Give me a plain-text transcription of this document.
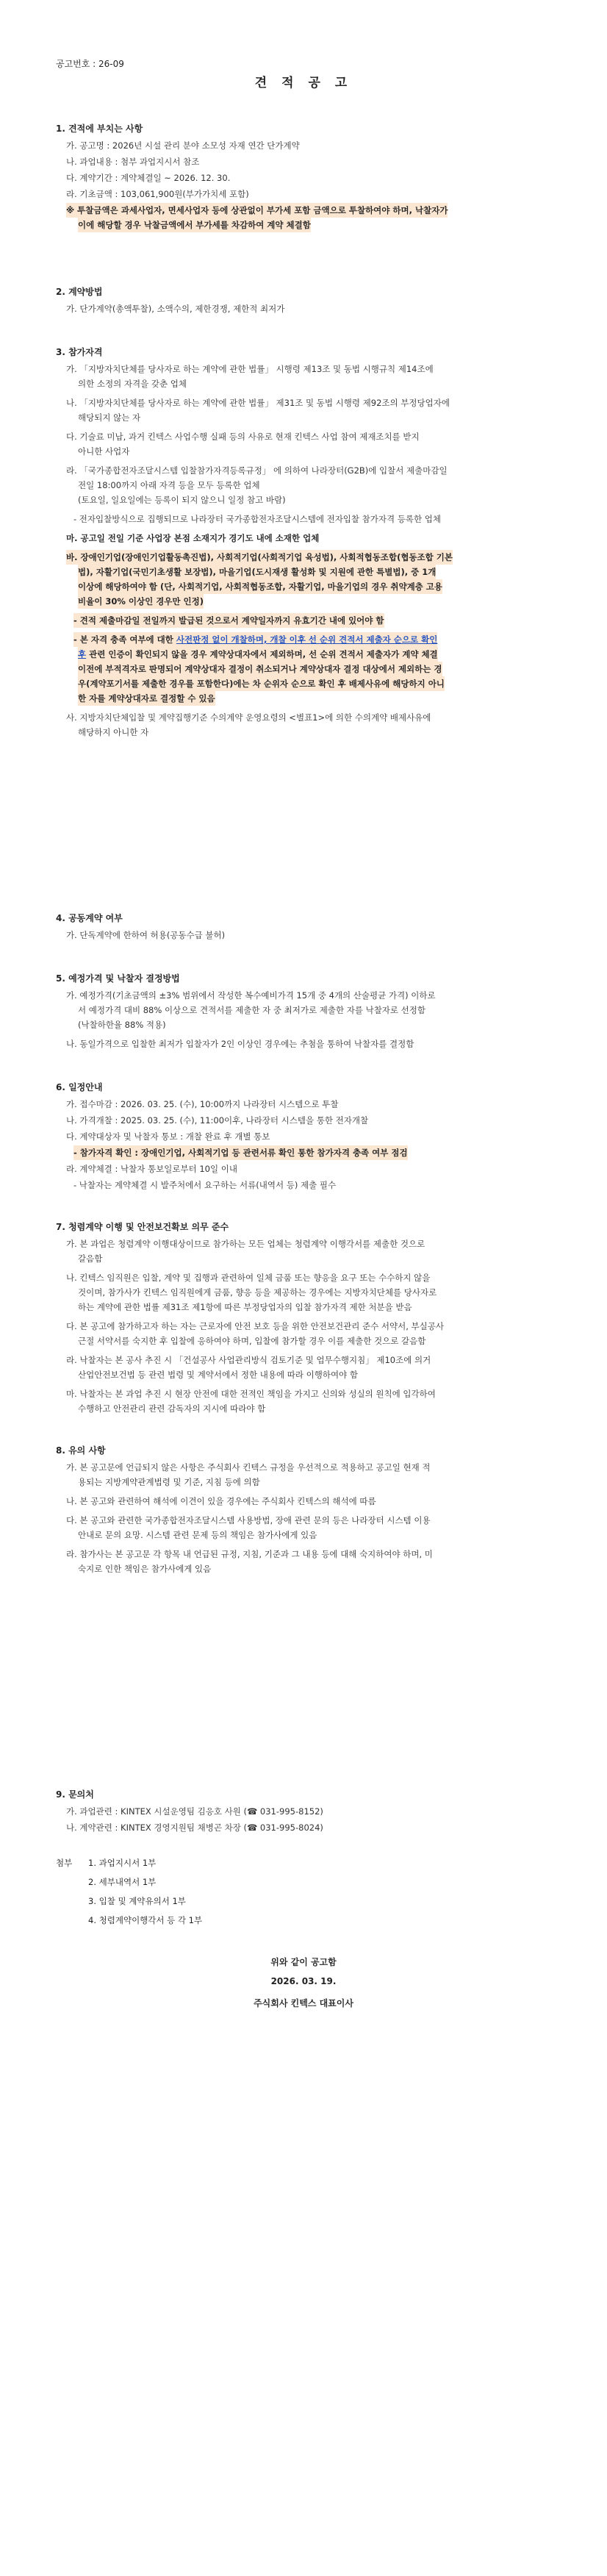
공고번호 : 26-09
견 적 공 고
1. 견적에 부치는 사항
가. 공고명 : 2026년 시설 관리 분야 소모성 자재 연간 단가계약
나. 과업내용 : 첨부 과업지시서 참조
다. 계약기간 : 계약체결일 ~ 2026. 12. 30.
라. 기초금액 : 103,061,900원(부가가치세 포함)
※ 투찰금액은 과세사업자, 면세사업자 등에 상관없이 부가세 포함 금액으로 투찰하여야 하며, 낙찰자가
이에 해당할 경우 낙찰금액에서 부가세를 차감하여 계약 체결함
2. 계약방법
가. 단가계약(총액투찰), 소액수의, 제한경쟁, 제한적 최저가
3. 참가자격
가. 「지방자치단체를 당사자로 하는 계약에 관한 법률」 시행령 제13조 및 동법 시행규칙 제14조에
의한 소정의 자격을 갖춘 업체
나. 「지방자치단체를 당사자로 하는 계약에 관한 법률」 제31조 및 동법 시행령 제92조의 부정당업자에
해당되지 않는 자
다. 기술료 미납, 과거 킨텍스 사업수행 실패 등의 사유로 현재 킨텍스 사업 참여 제재조치를 받지
아니한 사업자
라. 「국가종합전자조달시스템 입찰참가자격등록규정」 에 의하여 나라장터(G2B)에 입찰서 제출마감일
전일 18:00까지 아래 자격 등을 모두 등록한 업체
(토요일, 일요일에는 등록이 되지 않으니 일정 참고 바람)
- 전자입찰방식으로 집행되므로 나라장터 국가종합전자조달시스템에 전자입찰 참가자격 등록한 업체
마. 공고일 전일 기준 사업장 본점 소재지가 경기도 내에 소재한 업체
바. 장애인기업(장애인기업활동촉진법), 사회적기업(사회적기업 육성법), 사회적협동조합(협동조합 기본
법), 자활기업(국민기초생활 보장법), 마을기업(도시재생 활성화 및 지원에 관한 특별법), 중 1개
이상에 해당하여야 함 (단, 사회적기업, 사회적협동조합, 자활기업, 마을기업의 경우 취약계층 고용
비율이 30% 이상인 경우만 인정)
- 견적 제출마감일 전일까지 발급된 것으로서 계약일자까지 유효기간 내에 있어야 함
- 본 자격 충족 여부에 대한 사전판정 없이 개찰하며, 개찰 이후 선 순위 견적서 제출자 순으로 확인
후 관련 인증이 확인되지 않을 경우 계약상대자에서 제외하며, 선 순위 견적서 제출자가 계약 체결
이전에 부적격자로 판명되어 계약상대자 결정이 취소되거나 계약상대자 결정 대상에서 제외하는 경
우(계약포기서를 제출한 경우를 포함한다)에는 차 순위자 순으로 확인 후 배제사유에 해당하지 아니
한 자를 계약상대자로 결정할 수 있음
사. 지방자치단체입찰 및 계약집행기준 수의계약 운영요령의 <별표1>에 의한 수의계약 배제사유에
해당하지 아니한 자
4. 공동계약 여부
가. 단독계약에 한하여 허용(공동수급 불허)
5. 예정가격 및 낙찰자 결정방법
가. 예정가격(기초금액의 ±3% 범위에서 작성한 복수예비가격 15개 중 4개의 산술평균 가격) 이하로
서 예정가격 대비 88% 이상으로 견적서를 제출한 자 중 최저가로 제출한 자를 낙찰자로 선정함
(낙찰하한율 88% 적용)
나. 동일가격으로 입찰한 최저가 입찰자가 2인 이상인 경우에는 추첨을 통하여 낙찰자를 결정함
6. 일정안내
가. 접수마감 : 2026. 03. 25. (수), 10:00까지 나라장터 시스템으로 투찰
나. 가격개찰 : 2025. 03. 25. (수), 11:00이후, 나라장터 시스템을 통한 전자개찰
다. 계약대상자 및 낙찰자 통보 : 개찰 완료 후 개별 통보
- 참가자격 확인 : 장애인기업, 사회적기업 등 관련서류 확인 통한 참가자격 충족 여부 점검
라. 계약체결 : 낙찰자 통보일로부터 10일 이내
- 낙찰자는 계약체결 시 발주처에서 요구하는 서류(내역서 등) 제출 필수
7. 청렴계약 이행 및 안전보건확보 의무 준수
가. 본 과업은 청렴계약 이행대상이므로 참가하는 모든 업체는 청렴계약 이행각서를 제출한 것으로
갈음함
나. 킨텍스 임직원은 입찰, 계약 및 집행과 관련하여 일체 금품 또는 향응을 요구 또는 수수하지 않을
것이며, 참가사가 킨텍스 임직원에게 금품, 향응 등을 제공하는 경우에는 지방자치단체를 당사자로
하는 계약에 관한 법률 제31조 제1항에 따른 부정당업자의 입찰 참가자격 제한 처분을 받음
다. 본 공고에 참가하고자 하는 자는 근로자에 안전 보호 등을 위한 안전보건관리 준수 서약서, 부실공사
근절 서약서를 숙지한 후 입찰에 응하여야 하며, 입찰에 참가할 경우 이를 제출한 것으로 갈음함
라. 낙찰자는 본 공사 추진 시 「건설공사 사업관리방식 검토기준 및 업무수행지침」 제10조에 의거
산업안전보건법 등 관련 법령 및 계약서에서 정한 내용에 따라 이행하여야 함
마. 낙찰자는 본 과업 추진 시 현장 안전에 대한 전적인 책임을 가지고 신의와 성실의 원칙에 입각하여
수행하고 안전관리 관련 감독자의 지시에 따라야 함
8. 유의 사항
가. 본 공고문에 언급되지 않은 사항은 주식회사 킨텍스 규정을 우선적으로 적용하고 공고일 현재 적
용되는 지방계약관계법령 및 기준, 지침 등에 의함
나. 본 공고와 관련하여 해석에 이견이 있을 경우에는 주식회사 킨텍스의 해석에 따름
다. 본 공고와 관련한 국가종합전자조달시스템 사용방법, 장애 관련 문의 등은 나라장터 시스템 이용
안내로 문의 요망. 시스템 관련 문제 등의 책임은 참가사에게 있음
라. 참가사는 본 공고문 각 항목 내 언급된 규정, 지침, 기준과 그 내용 등에 대해 숙지하여야 하며, 미
숙지로 인한 책임은 참가사에게 있음
9. 문의처
가. 과업관련 : KINTEX 시설운영팀 김응호 사원 (☎ 031-995-8152)
나. 계약관련 : KINTEX 경영지원팀 채병곤 차장 (☎ 031-995-8024)
첨부 1. 과업지시서 1부
2. 세부내역서 1부
3. 입찰 및 계약유의서 1부
4. 청렴계약이행각서 등 각 1부
위와 같이 공고함
2026. 03. 19.
주식회사 킨텍스 대표이사
